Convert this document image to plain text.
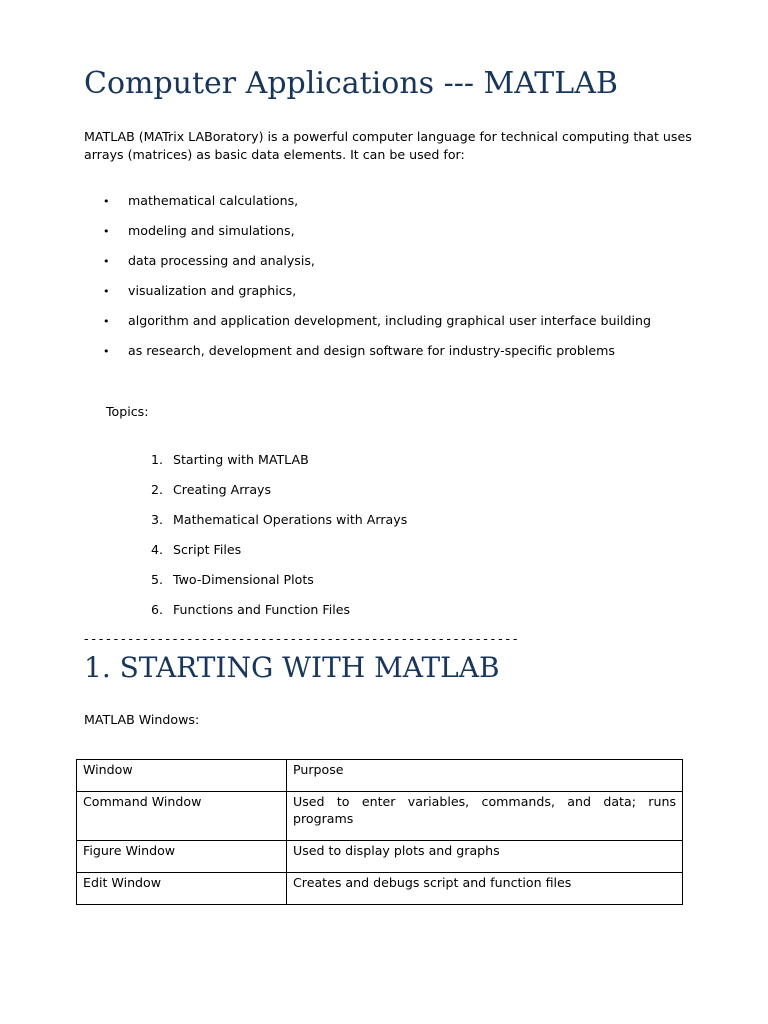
Computer Applications --- MATLAB

MATLAB (MATrix LABoratory) is a powerful computer language for technical computing that uses arrays (matrices) as basic data elements. It can be used for:

• mathematical calculations,
• modeling and simulations,
• data processing and analysis,
• visualization and graphics,
• algorithm and application development, including graphical user interface building
• as research, development and design software for industry-specific problems

Topics:

1. Starting with MATLAB
2. Creating Arrays
3. Mathematical Operations with Arrays
4. Script Files
5. Two-Dimensional Plots
6. Functions and Function Files
-----------------------------------------------------------
1. STARTING WITH MATLAB

MATLAB Windows:

Window	Purpose
Command Window	Used to enter variables, commands, and data; runs programs
Figure Window	Used to display plots and graphs
Edit Window	Creates and debugs script and function files
